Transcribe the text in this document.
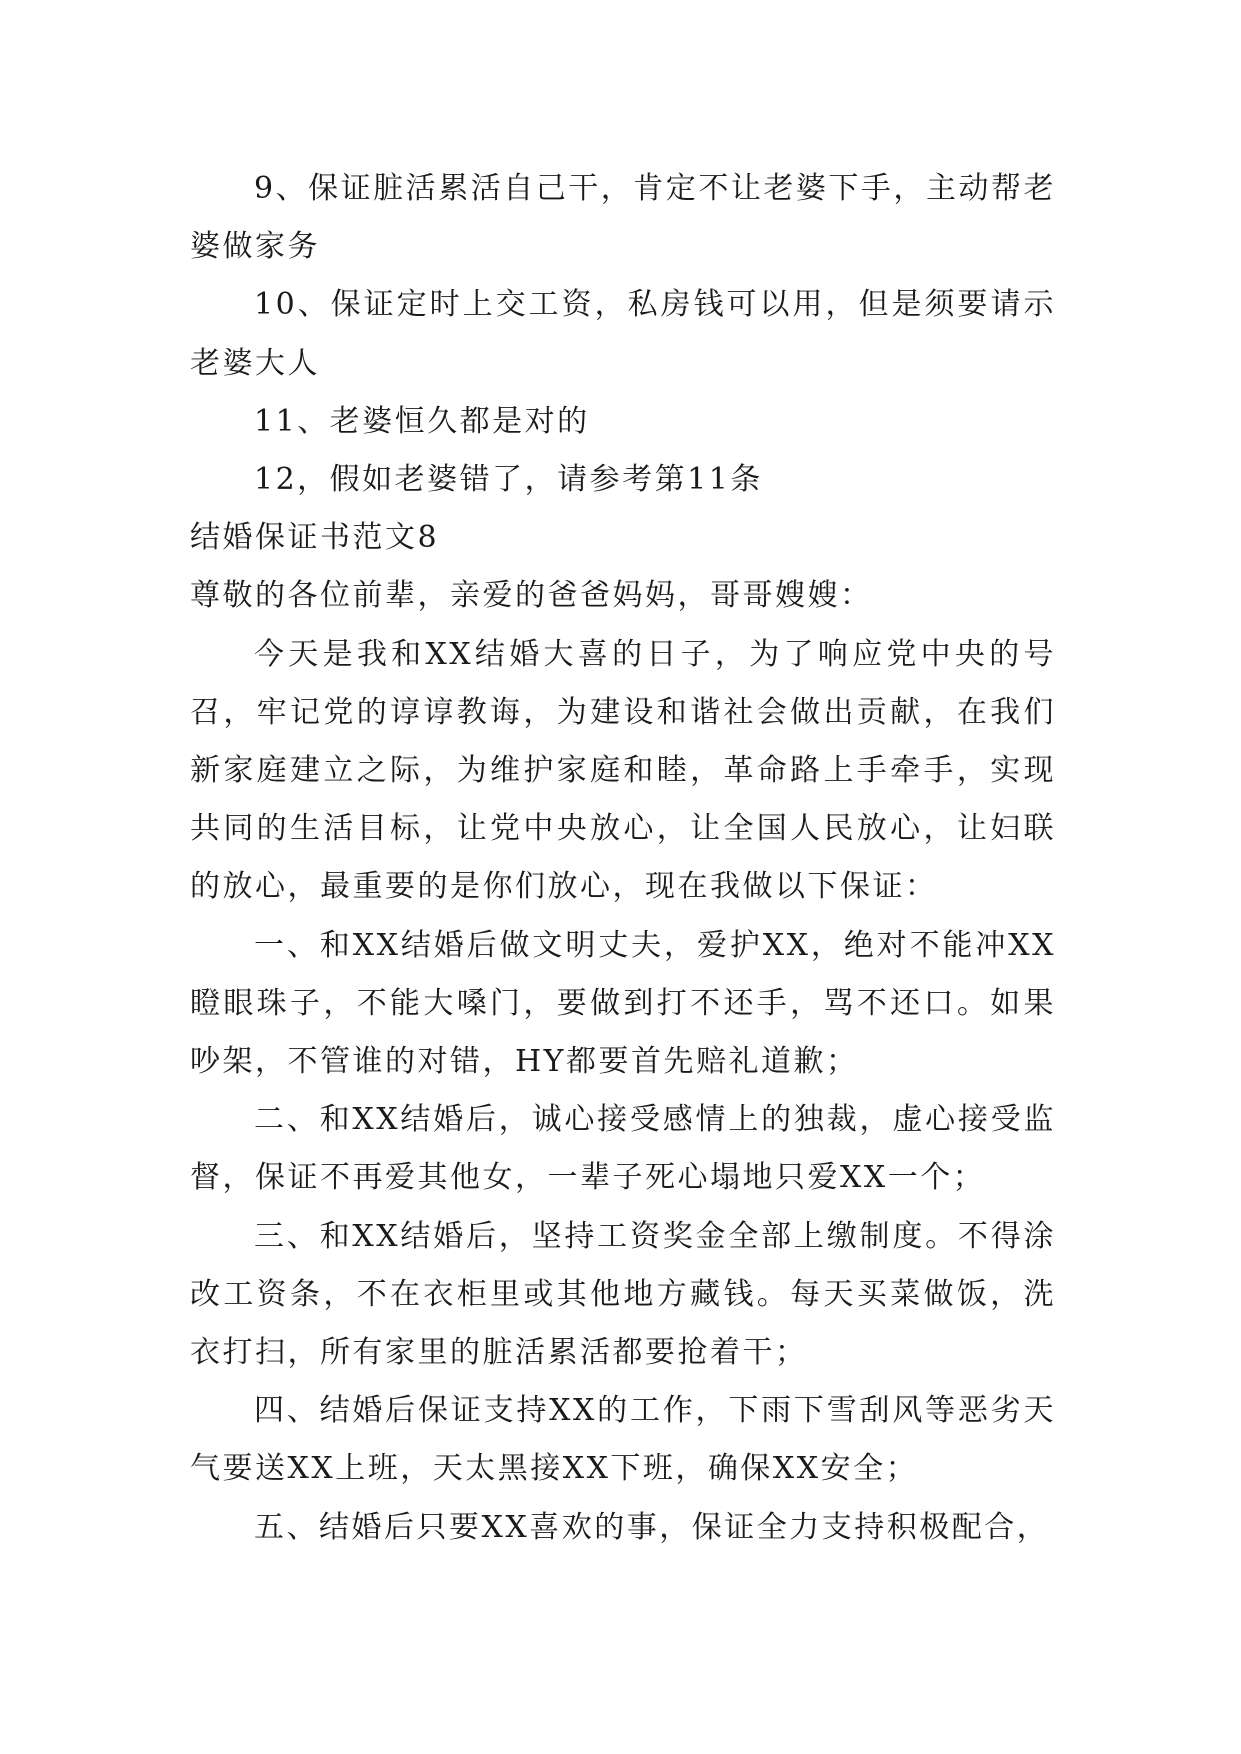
9、保证脏活累活自己干，肯定不让老婆下手，主动帮老婆做家务

10、保证定时上交工资，私房钱可以用，但是须要请示老婆大人

11、老婆恒久都是对的

12，假如老婆错了，请参考第11条

结婚保证书范文8

尊敬的各位前辈，亲爱的爸爸妈妈，哥哥嫂嫂：

今天是我和XX结婚大喜的日子，为了响应党中央的号召，牢记党的谆谆教诲，为建设和谐社会做出贡献，在我们新家庭建立之际，为维护家庭和睦，革命路上手牵手，实现共同的生活目标，让党中央放心，让全国人民放心，让妇联的放心，最重要的是你们放心，现在我做以下保证：

一、和XX结婚后做文明丈夫，爱护XX，绝对不能冲XX瞪眼珠子，不能大嗓门，要做到打不还手，骂不还口。如果吵架，不管谁的对错，HY都要首先赔礼道歉；

二、和XX结婚后，诚心接受感情上的独裁，虚心接受监督，保证不再爱其他女，一辈子死心塌地只爱XX一个；

三、和XX结婚后，坚持工资奖金全部上缴制度。不得涂改工资条，不在衣柜里或其他地方藏钱。每天买菜做饭，洗衣打扫，所有家里的脏活累活都要抢着干；

四、结婚后保证支持XX的工作，下雨下雪刮风等恶劣天气要送XX上班，天太黑接XX下班，确保XX安全；

五、结婚后只要XX喜欢的事，保证全力支持积极配合，
